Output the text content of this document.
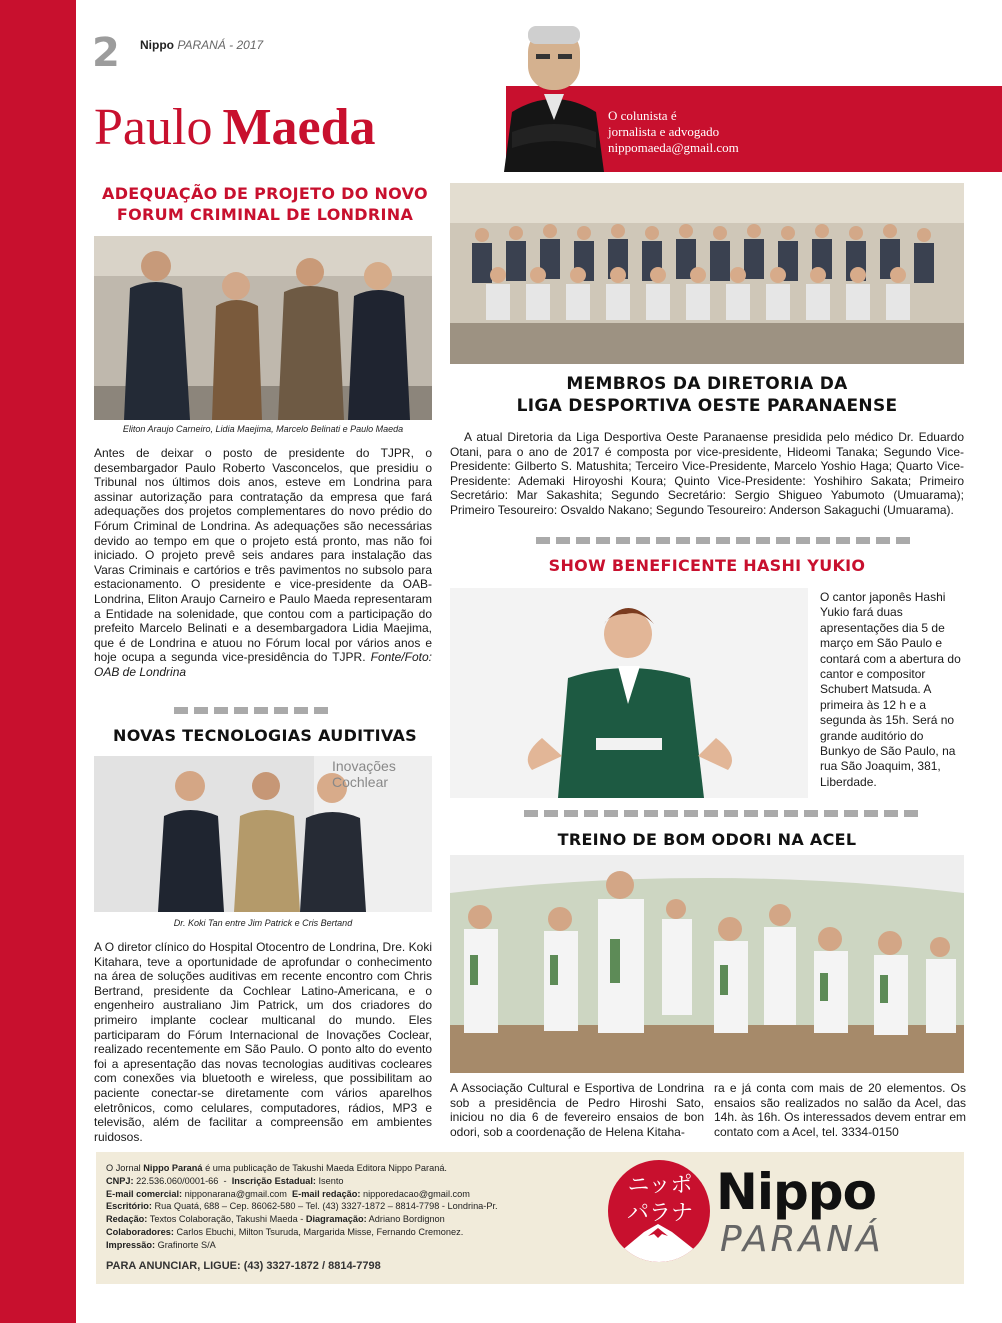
2 Nippo PARANÁ - 2017
Paulo Maeda	O colunista é
jornalista e advogado
nippomaeda@gmail.com
ADEQUAÇÃO DE PROJETO DO NOVO
FORUM CRIMINAL DE LONDRINA
Eliton Araujo Carneiro, Lidia Maejima, Marcelo Belinati e Paulo Maeda
Antes de deixar o posto de presidente do TJPR, o desembargador Paulo Roberto Vasconcelos, que presidiu o Tribunal nos últimos dois anos, esteve em Londrina para assinar autorização para contratação da empresa que fará adequações dos projetos complementares do novo prédio do Fórum Criminal de Londrina. As adequações são necessárias devido ao tempo em que o projeto está pronto, mas não foi iniciado. O projeto prevê seis andares para instalação das Varas Criminais e cartórios e três pavimentos no subsolo para estacionamento. O presidente e vice-presidente da OAB-Londrina, Eliton Araujo Carneiro e Paulo Maeda representaram a Entidade na solenidade, que contou com a participação do prefeito Marcelo Belinati e a desembargadora Lidia Maejima, que é de Londrina e atuou no Fórum local por vários anos e hoje ocupa a segunda vice-presidência do TJPR. Fonte/Foto: OAB de Londrina
NOVAS TECNOLOGIAS AUDITIVAS
Inovações
Cochlear
Dr. Koki Tan entre Jim Patrick e Cris Bertand
A O diretor clínico do Hospital Otocentro de Londrina, Dre. Koki Kitahara, teve a oportunidade de aprofundar o conhecimento na área de soluções auditivas em recente encontro com Chris Bertrand, presidente da Cochlear Latino-Americana, e o engenheiro australiano Jim Patrick, um dos criadores do primeiro implante coclear multicanal do mundo. Eles participaram do Fórum Internacional de Inovações Coclear, realizado recentemente em São Paulo. O ponto alto do evento foi a apresentação das novas tecnologias auditivas cocleares com conexões via bluetooth e wireless, que possibilitam ao paciente conectar-se diretamente com vários aparelhos eletrônicos, como celulares, computadores, rádios, MP3 e televisão, além de facilitar a compreensão em ambientes ruidosos.
MEMBROS DA DIRETORIA DA
LIGA DESPORTIVA OESTE PARANAENSE
A atual Diretoria da Liga Desportiva Oeste Paranaense presidida pelo médico Dr. Eduardo Otani, para o ano de 2017 é composta por vice-presidente, Hideomi Tanaka; Segundo Vice-Presidente: Gilberto S. Matushita; Terceiro Vice-Presidente, Marcelo Yoshio Haga; Quarto Vice-Presidente: Ademaki Hiroyoshi Koura; Quinto Vice-Presidente: Yoshihiro Sakata; Primeiro Secretário: Mar Sakashita; Segundo Secretário: Sergio Shigueo Yabumoto (Umuarama); Primeiro Tesoureiro: Osvaldo Nakano; Segundo Tesoureiro: Anderson Sakaguchi (Umuarama).
SHOW BENEFICENTE HASHI YUKIO
O cantor japonês Hashi Yukio fará duas apresentações dia 5 de março em São Paulo e contará com a abertura do cantor e compositor Schubert Matsuda. A primeira às 12 h e a segunda às 15h. Será no grande auditório do Bunkyo de São Paulo, na rua São Joaquim, 381, Liberdade.
TREINO DE BOM ODORI NA ACEL
A Associação Cultural e Esportiva de Londrina sob a presidência de Pedro Hiroshi Sato, iniciou no dia 6 de fevereiro ensaios de bon odori, sob a coordenação de Helena Kitaha-
ra e já conta com mais de 20 elementos. Os ensaios são realizados no salão da Acel, das 14h. às 16h. Os interessados devem entrar em contato com a Acel, tel. 3334-0150
O Jornal Nippo Paraná é uma publicação de Takushi Maeda Editora Nippo Paraná.
CNPJ: 22.536.060/0001-66  -  Inscrição Estadual: Isento
E-mail comercial: nipponarana@gmail.com E-mail redação: nipporedacao@gmail.com
Escritório: Rua Quatá, 688 – Cep. 86062-580 – Tel. (43) 3327-1872 – 8814-7798 - Londrina-Pr.
Redação: Textos Colaboração, Takushi Maeda - Diagramação: Adriano Bordignon
Colaboradores: Carlos Ebuchi, Milton Tsuruda, Margarida Misse, Fernando Cremonez.
Impressão: Grafinorte S/A
PARA ANUNCIAR, LIGUE: (43) 3327-1872 / 8814-7798
ニッポ
パラナ Nippo
PARANÁ
